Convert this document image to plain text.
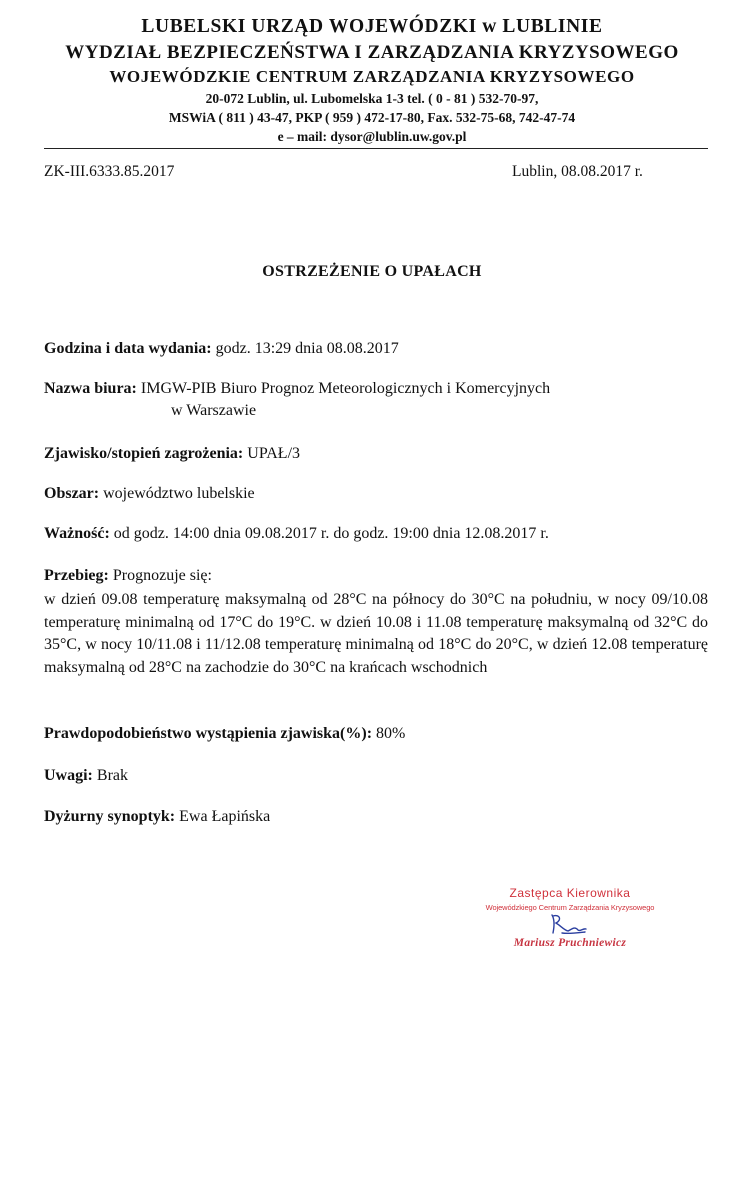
LUBELSKI URZĄD WOJEWÓDZKI w LUBLINIE
WYDZIAŁ BEZPIECZEŃSTWA I ZARZĄDZANIA KRYZYSOWEGO
WOJEWÓDZKIE CENTRUM ZARZĄDZANIA KRYZYSOWEGO
20-072 Lublin, ul. Lubomelska 1-3 tel. ( 0 - 81 ) 532-70-97,
MSWiA ( 811 ) 43-47, PKP ( 959 ) 472-17-80, Fax. 532-75-68, 742-47-74
e – mail: dysor@lublin.uw.gov.pl
ZK-III.6333.85.2017	Lublin, 08.08.2017 r.
OSTRZEŻENIE O UPAŁACH
Godzina i data wydania: godz. 13:29 dnia 08.08.2017
Nazwa biura: IMGW-PIB Biuro Prognoz Meteorologicznych i Komercyjnych
w Warszawie
Zjawisko/stopień zagrożenia: UPAŁ/3
Obszar: województwo lubelskie
Ważność: od godz. 14:00 dnia 09.08.2017 r. do godz. 19:00 dnia 12.08.2017 r.
Przebieg: Prognozuje się:
w dzień 09.08 temperaturę maksymalną od 28°C na północy do 30°C na południu, w nocy 09/10.08 temperaturę minimalną od 17°C do 19°C. w dzień 10.08 i 11.08 temperaturę maksymalną od 32°C do 35°C, w nocy 10/11.08 i 11/12.08 temperaturę minimalną od 18°C do 20°C, w dzień 12.08 temperaturę maksymalną od 28°C na zachodzie do 30°C na krańcach wschodnich
Prawdopodobieństwo wystąpienia zjawiska(%): 80%
Uwagi: Brak
Dyżurny synoptyk: Ewa Łapińska
Zastępca Kierownika
Wojewódzkiego Centrum Zarządzania Kryzysowego
Mariusz Pruchniewicz
